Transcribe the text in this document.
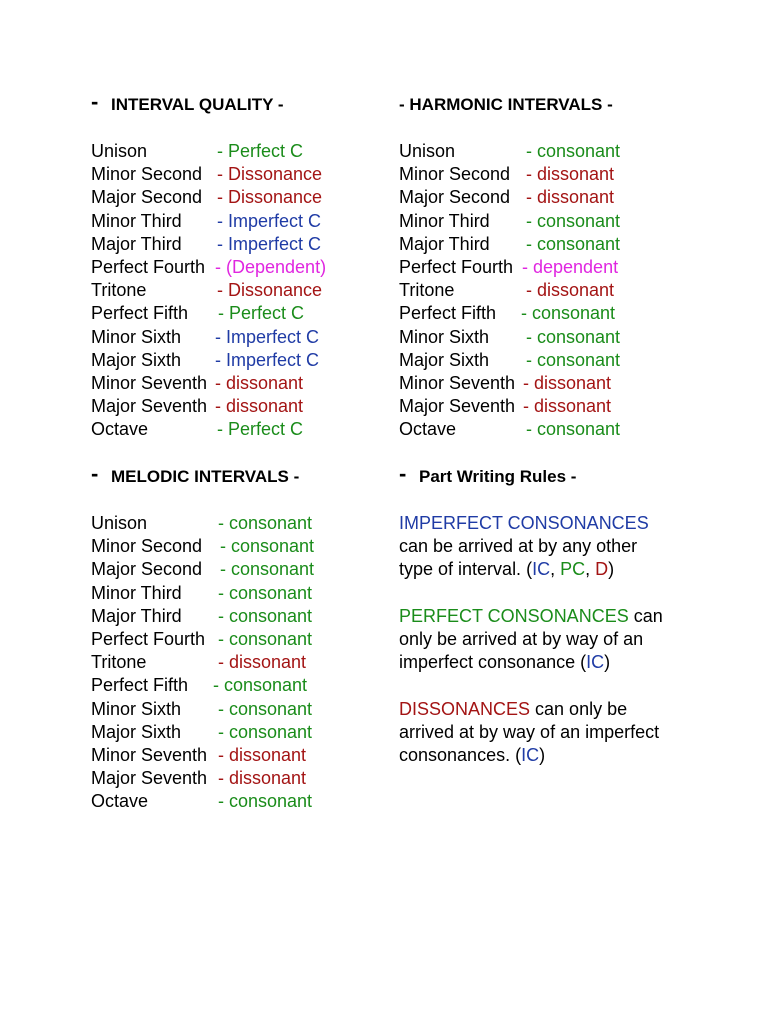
- INTERVAL QUALITY -
Unison	- Perfect C
Minor Second - Dissonance
Major Second - Dissonance
Minor Third - Imperfect C
Major Third - Imperfect C
Perfect Fourth - (Dependent)
Tritone	- Dissonance
Perfect Fifth - Perfect C
Minor Sixth - Imperfect C
Major Sixth - Imperfect C
Minor Seventh - dissonant
Major Seventh - dissonant
Octave	- Perfect C
- HARMONIC INTERVALS -
Unison	- consonant
Minor Second - dissonant
Major Second - dissonant
Minor Third - consonant
Major Third - consonant
Perfect Fourth - dependent
Tritone	- dissonant
Perfect Fifth - consonant
Minor Sixth - consonant
Major Sixth - consonant
Minor Seventh - dissonant
Major Seventh - dissonant
Octave	- consonant
- MELODIC INTERVALS -
Unison	- consonant
Minor Second - consonant
Major Second - consonant
Minor Third - consonant
Major Third - consonant
Perfect Fourth - consonant
Tritone	- dissonant
Perfect Fifth - consonant
Minor Sixth - consonant
Major Sixth - consonant
Minor Seventh - dissonant
Major Seventh - dissonant
Octave	- consonant
- Part Writing Rules -
IMPERFECT CONSONANCES
can be arrived at by any other
type of interval. (IC, PC, D)
PERFECT CONSONANCES can
only be arrived at by way of an
imperfect consonance (IC)
DISSONANCES can only be
arrived at by way of an imperfect
consonances. (IC)
